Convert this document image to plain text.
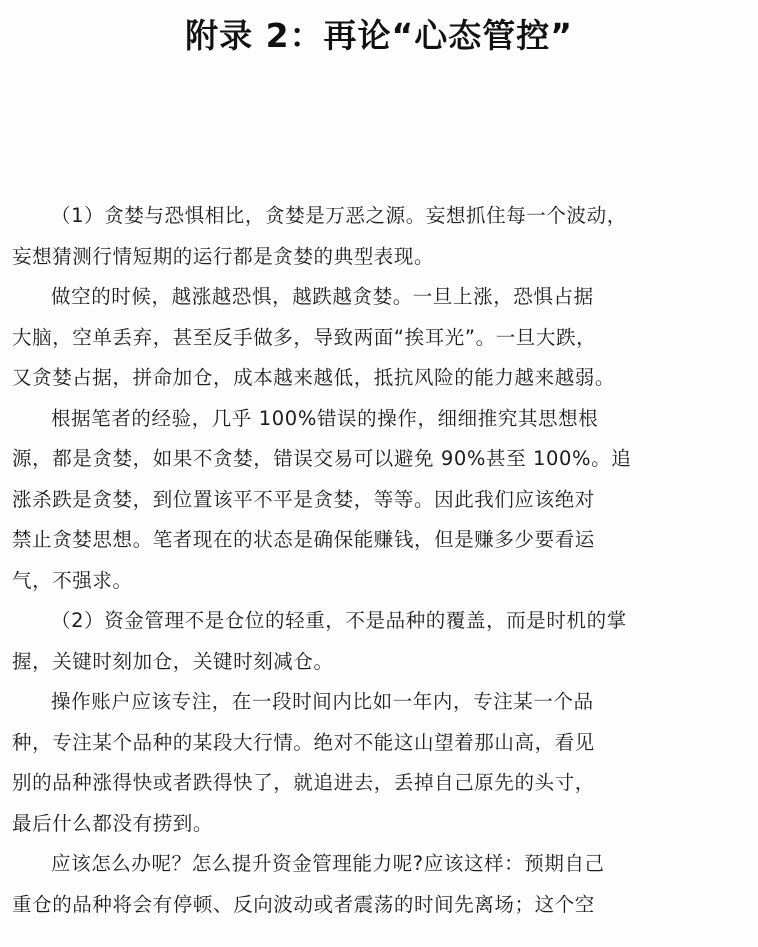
附录 2：再论“心态管控”
（1）贪婪与恐惧相比，贪婪是万恶之源。妄想抓住每一个波动，
妄想猜测行情短期的运行都是贪婪的典型表现。
做空的时候，越涨越恐惧，越跌越贪婪。一旦上涨，恐惧占据
大脑，空单丢弃，甚至反手做多，导致两面“挨耳光”。一旦大跌，
又贪婪占据，拼命加仓，成本越来越低，抵抗风险的能力越来越弱。
根据笔者的经验，几乎 100%错误的操作，细细推究其思想根
源，都是贪婪，如果不贪婪，错误交易可以避免 90%甚至 100%。追
涨杀跌是贪婪，到位置该平不平是贪婪，等等。因此我们应该绝对
禁止贪婪思想。笔者现在的状态是确保能赚钱，但是赚多少要看运
气，不强求。
（2）资金管理不是仓位的轻重，不是品种的覆盖，而是时机的掌
握，关键时刻加仓，关键时刻减仓。
操作账户应该专注，在一段时间内比如一年内，专注某一个品
种，专注某个品种的某段大行情。绝对不能这山望着那山高，看见
别的品种涨得快或者跌得快了，就追进去，丢掉自己原先的头寸，
最后什么都没有捞到。
应该怎么办呢？怎么提升资金管理能力呢?应该这样：预期自己
重仓的品种将会有停顿、反向波动或者震荡的时间先离场；这个空
